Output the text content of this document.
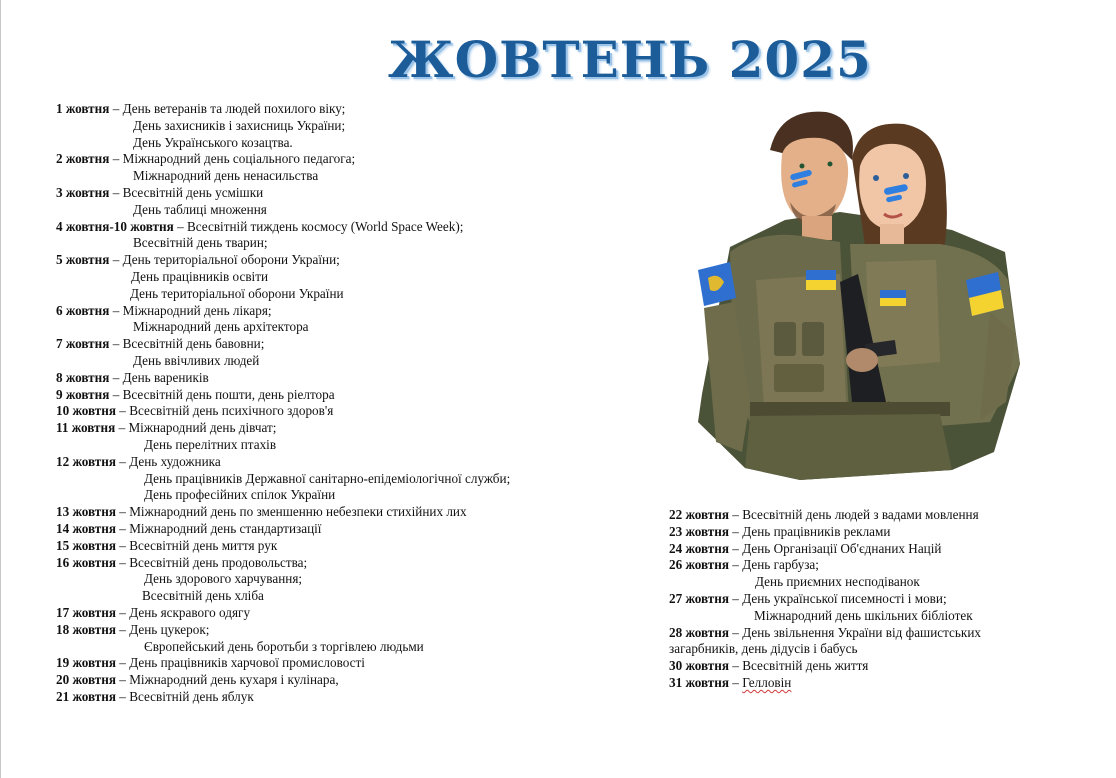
ЖОВТЕНЬ 2025
1 жовтня – День ветеранів та людей похилого віку;
День захисників і захисниць України;
День Українського козацтва.
2 жовтня – Міжнародний день соціального педагога;
Міжнародний день ненасильства
3 жовтня – Всесвітній день усмішки
День таблиці множення
4 жовтня-10 жовтня – Всесвітній тиждень космосу (World Space Week);
Всесвітній день тварин;
5 жовтня – День територіальної оборони України;
День працівників освіти
День територіальної оборони України
6 жовтня – Міжнародний день лікаря;
Міжнародний день архітектора
7 жовтня – Всесвітній день бавовни;
День ввічливих людей
8 жовтня – День вареників
9 жовтня – Всесвітній день пошти, день ріелтора
10 жовтня – Всесвітній день психічного здоров'я
11 жовтня – Міжнародний день дівчат;
День перелітних птахів
12 жовтня – День художника
День працівників Державної санітарно-епідеміологічної служби;
День професійних спілок України
13 жовтня – Міжнародний день по зменшенню небезпеки стихійних лих
14 жовтня – Міжнародний день стандартизації
15 жовтня – Всесвітній день миття рук
16 жовтня – Всесвітній день продовольства;
День здорового харчування;
Всесвітній день хліба
17 жовтня – День яскравого одягу
18 жовтня – День цукерок;
Європейський день боротьби з торгівлею людьми
19 жовтня – День працівників харчової промисловості
20 жовтня – Міжнародний день кухаря і кулінара,
21 жовтня – Всесвітній день яблук
22 жовтня – Всесвітній день людей з вадами мовлення
23 жовтня – День працівників реклами
24 жовтня – День Організації Об'єднаних Націй
26 жовтня – День гарбуза;
День приємних несподіванок
27 жовтня – День української писемності і мови;
Міжнародний день шкільних бібліотек
28 жовтня – День звільнення України від фашистських загарбників, день дідусів і бабусь
30 жовтня – Всесвітній день життя
31 жовтня – Гелловін
